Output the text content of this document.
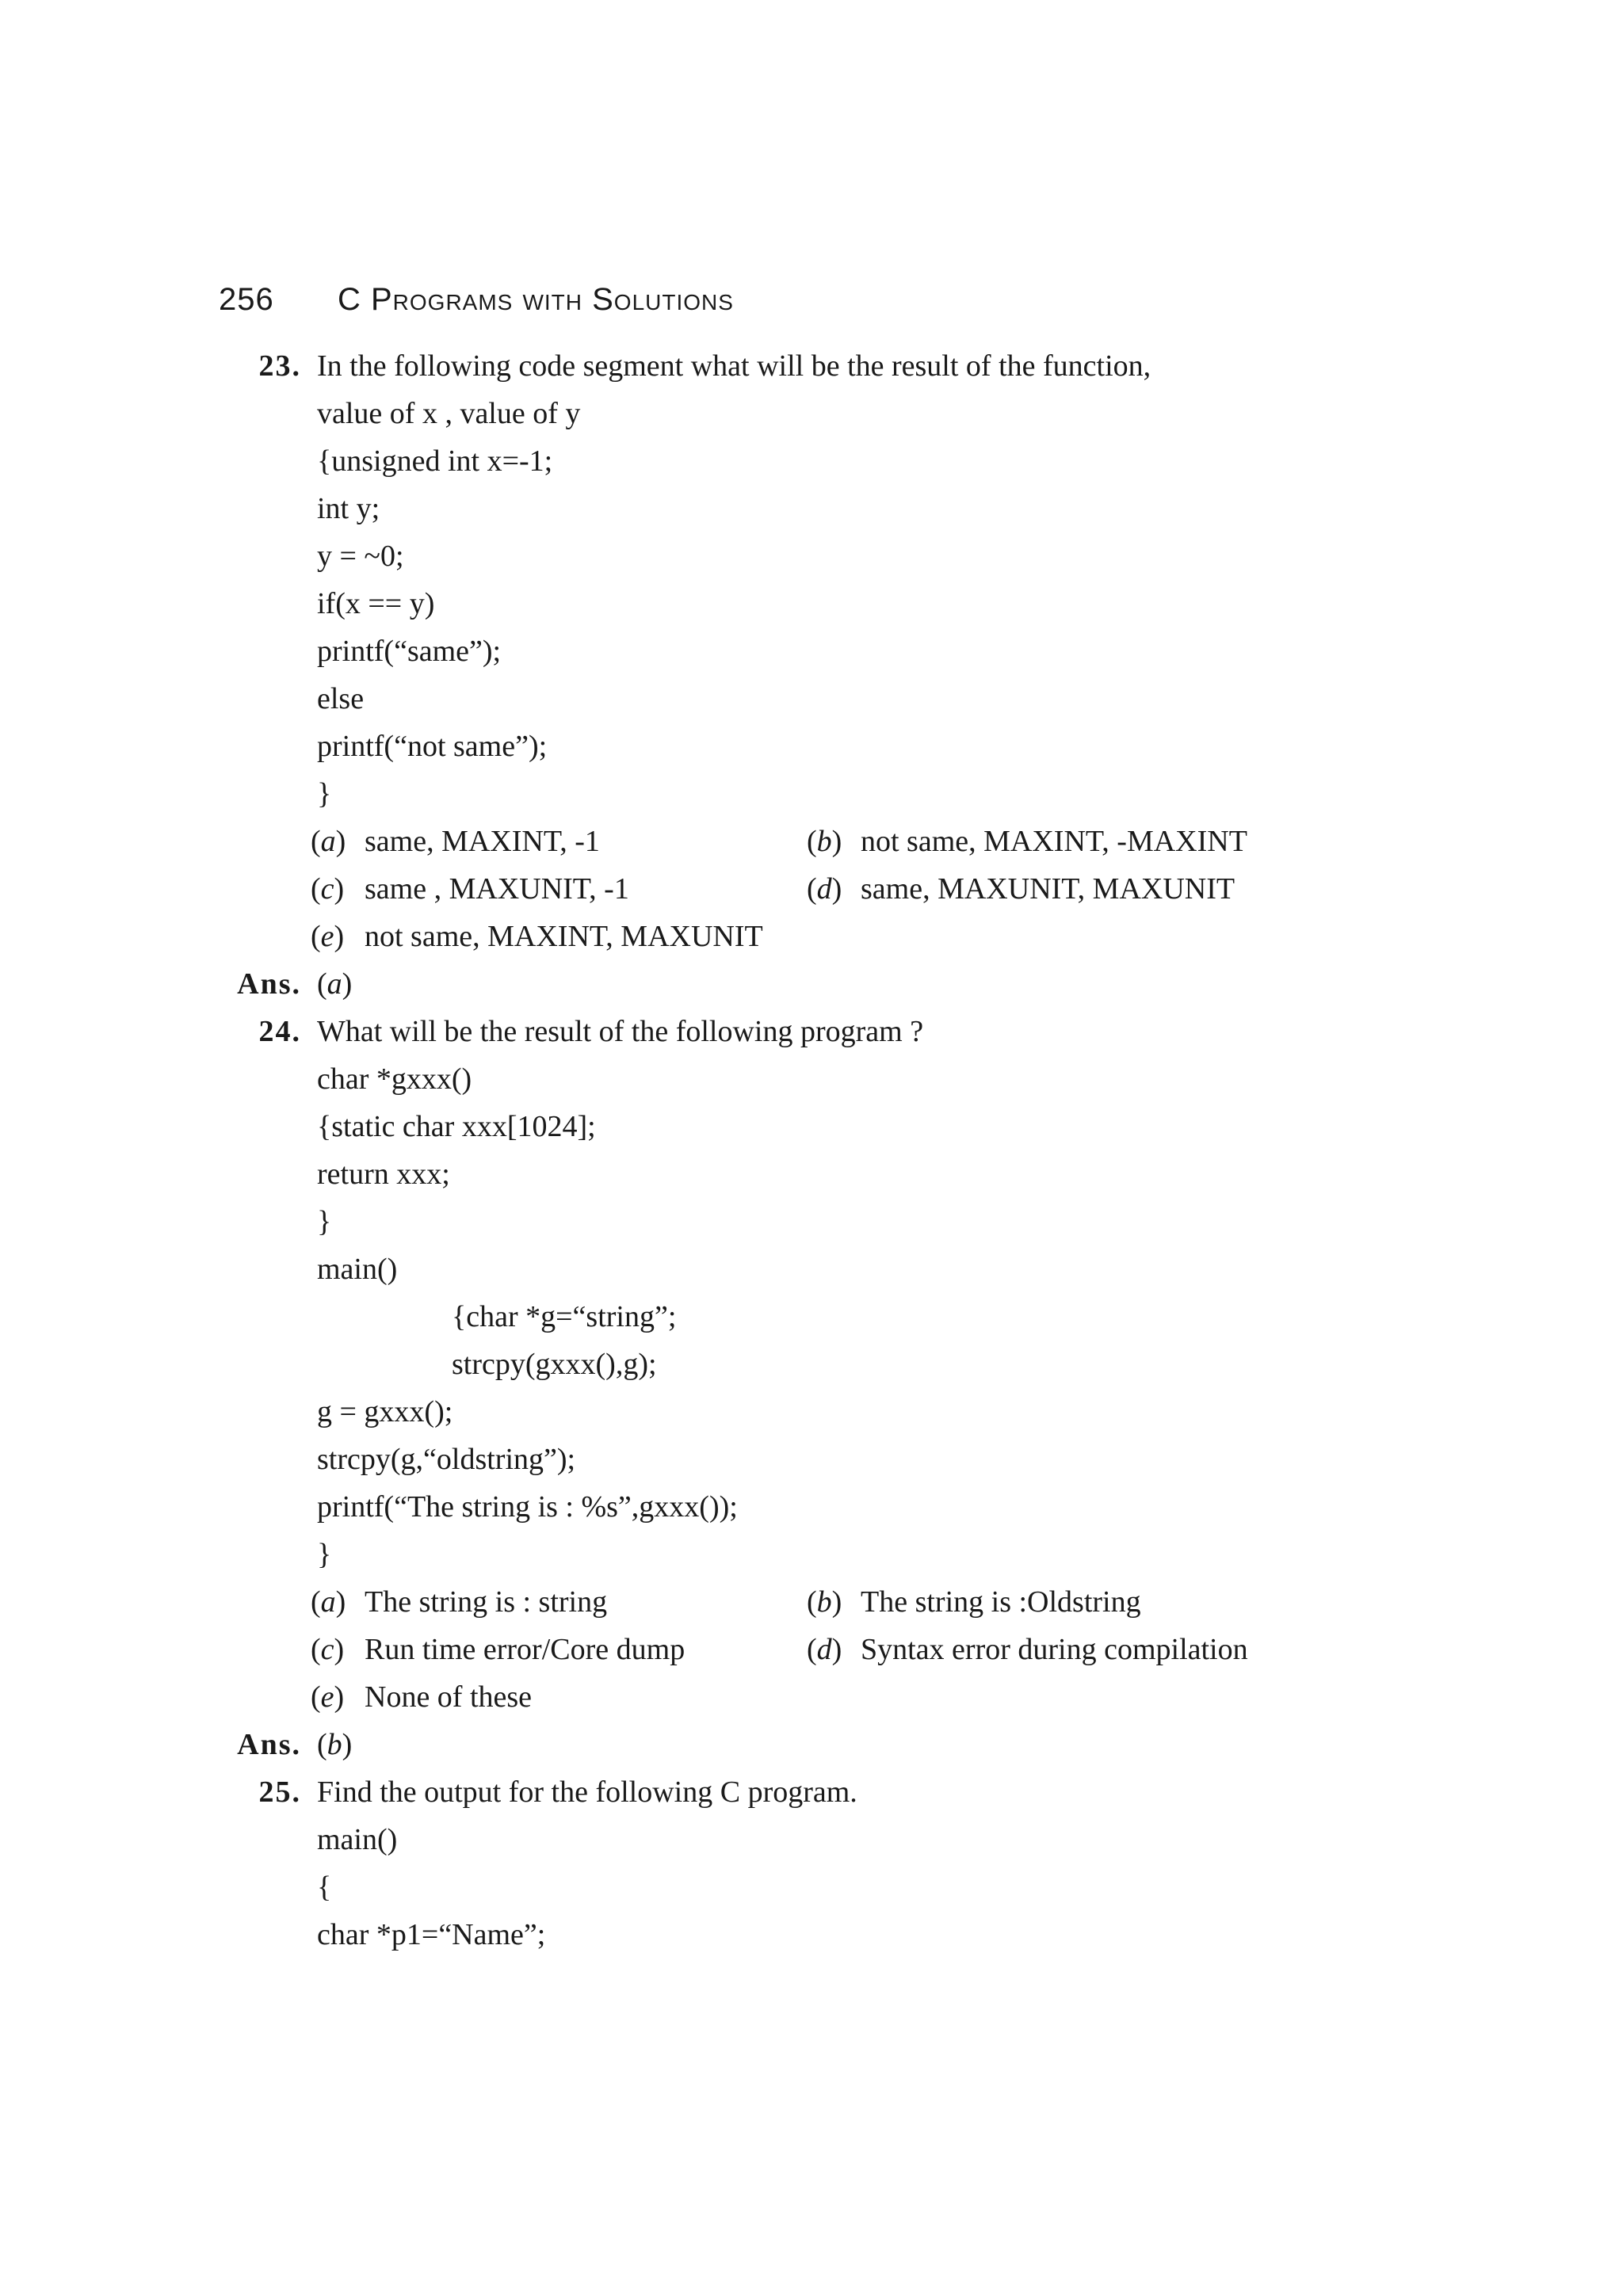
256 C Programs with Solutions
23. In the following code segment what will be the result of the function,
value of x , value of y
{unsigned int x=-1;
int y;
y = ~0;
if(x == y)
printf(“same”);
else
printf(“not same”);
}
(a) same, MAXINT, -1	(b) not same, MAXINT, -MAXINT
(c) same , MAXUNIT, -1	(d) same, MAXUNIT, MAXUNIT
(e) not same, MAXINT, MAXUNIT
Ans. (a)
24. What will be the result of the following program ?
char *gxxx()
{static char xxx[1024];
return xxx;
}
main()
{char *g=“string”;
strcpy(gxxx(),g);
g = gxxx();
strcpy(g,“oldstring”);
printf(“The string is : %s”,gxxx());
}
(a) The string is : string	(b) The string is :Oldstring
(c) Run time error/Core dump	(d) Syntax error during compilation
(e) None of these
Ans. (b)
25. Find the output for the following C program.
main()
{
char *p1=“Name”;
